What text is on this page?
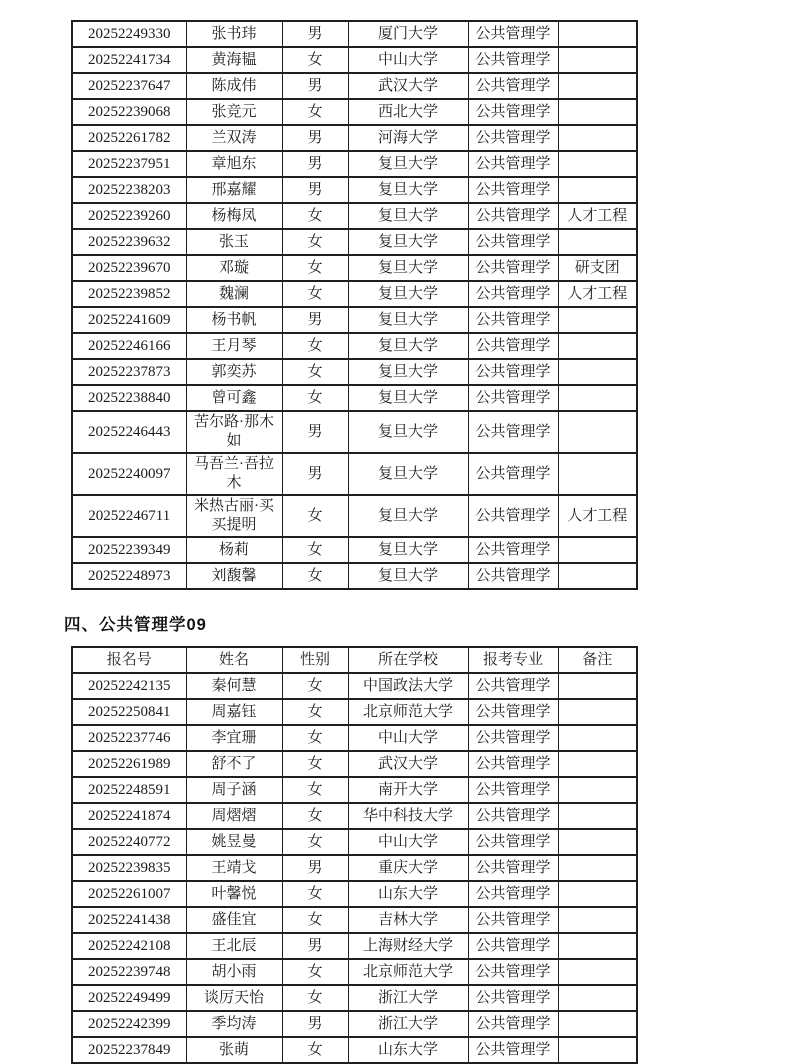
20252249330	张书玮	男	厦门大学	公共管理学	
20252241734	黄海韫	女	中山大学	公共管理学	
20252237647	陈成伟	男	武汉大学	公共管理学	
20252239068	张竞元	女	西北大学	公共管理学	
20252261782	兰双涛	男	河海大学	公共管理学	
20252237951	章旭东	男	复旦大学	公共管理学	
20252238203	邢嘉耀	男	复旦大学	公共管理学	
20252239260	杨梅凤	女	复旦大学	公共管理学	人才工程
20252239632	张玉	女	复旦大学	公共管理学	
20252239670	邓璇	女	复旦大学	公共管理学	研支团
20252239852	魏澜	女	复旦大学	公共管理学	人才工程
20252241609	杨书帆	男	复旦大学	公共管理学	
20252246166	王月琴	女	复旦大学	公共管理学	
20252237873	郭奕苏	女	复旦大学	公共管理学	
20252238840	曾可鑫	女	复旦大学	公共管理学	
20252246443	苦尔路·那木如	男	复旦大学	公共管理学	
20252240097	马吾兰·吾拉木	男	复旦大学	公共管理学	
20252246711	米热古丽·买买提明	女	复旦大学	公共管理学	人才工程
20252239349	杨莉	女	复旦大学	公共管理学	
20252248973	刘馥馨	女	复旦大学	公共管理学	
四、公共管理学09
报名号	姓名	性别	所在学校	报考专业	备注
20252242135	秦何慧	女	中国政法大学	公共管理学	
20252250841	周嘉钰	女	北京师范大学	公共管理学	
20252237746	李宜珊	女	中山大学	公共管理学	
20252261989	舒不了	女	武汉大学	公共管理学	
20252248591	周子涵	女	南开大学	公共管理学	
20252241874	周熠熠	女	华中科技大学	公共管理学	
20252240772	姚昱曼	女	中山大学	公共管理学	
20252239835	王靖戈	男	重庆大学	公共管理学	
20252261007	叶馨悦	女	山东大学	公共管理学	
20252241438	盛佳宜	女	吉林大学	公共管理学	
20252242108	王北辰	男	上海财经大学	公共管理学	
20252239748	胡小雨	女	北京师范大学	公共管理学	
20252249499	谈厉天怡	女	浙江大学	公共管理学	
20252242399	季均涛	男	浙江大学	公共管理学	
20252237849	张萌	女	山东大学	公共管理学	
